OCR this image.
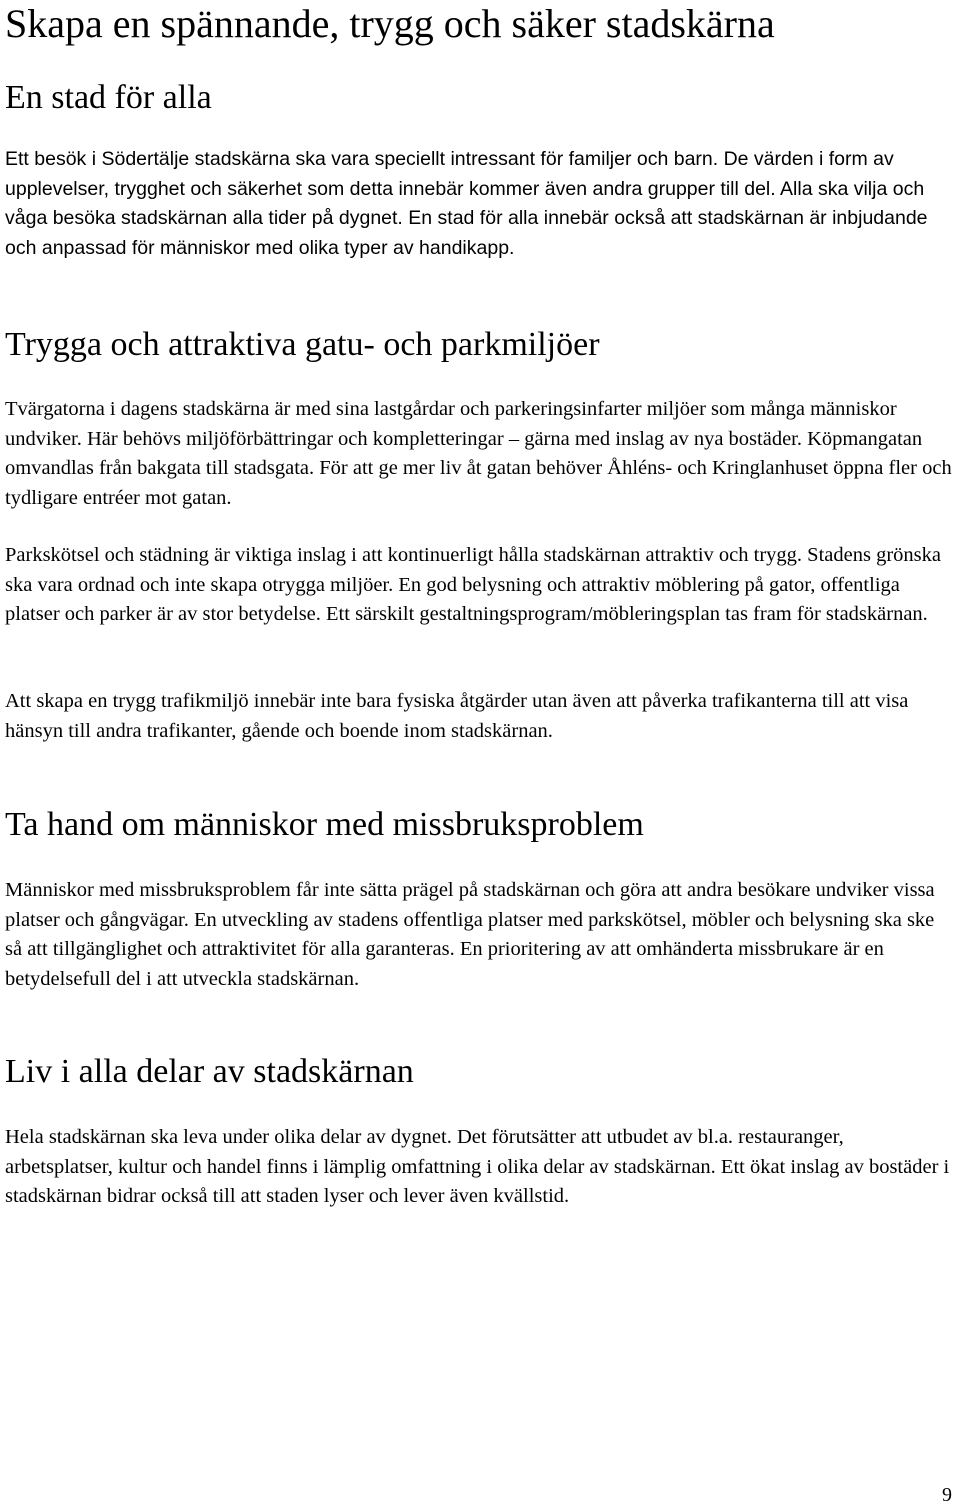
Skapa en spännande, trygg och säker stadskärna
En stad för alla

Ett besök i Södertälje stadskärna ska vara speciellt intressant för familjer och barn. De värden i form av upplevelser, trygghet och säkerhet som detta innebär kommer även andra grupper till del. Alla ska vilja och våga besöka stadskärnan alla tider på dygnet. En stad för alla innebär också att stadskärnan är inbjudande och anpassad för människor med olika typer av handikapp.

Trygga och attraktiva gatu- och parkmiljöer

Tvärgatorna i dagens stadskärna är med sina lastgårdar och parkeringsinfarter miljöer som många människor undviker. Här behövs miljöförbättringar och kompletteringar – gärna med inslag av nya bostäder. Köpmangatan omvandlas från bakgata till stadsgata. För att ge mer liv åt gatan behöver Åhléns- och Kringlanhuset öppna fler och tydligare entréer mot gatan.

Parkskötsel och städning är viktiga inslag i att kontinuerligt hålla stadskärnan attraktiv och trygg. Stadens grönska ska vara ordnad och inte skapa otrygga miljöer. En god belysning och attraktiv möblering på gator, offentliga platser och parker är av stor betydelse. Ett särskilt gestaltningsprogram/möbleringsplan tas fram för stadskärnan.

Att skapa en trygg trafikmiljö innebär inte bara fysiska åtgärder utan även att påverka trafikanterna till att visa hänsyn till andra trafikanter, gående och boende inom stadskärnan.

Ta hand om människor med missbruksproblem

Människor med missbruksproblem får inte sätta prägel på stadskärnan och göra att andra besökare undviker vissa platser och gångvägar. En utveckling av stadens offentliga platser med parkskötsel, möbler och belysning ska ske så att tillgänglighet och attraktivitet för alla garanteras. En prioritering av att omhänderta missbrukare är en betydelsefull del i att utveckla stadskärnan.

Liv i alla delar av stadskärnan

Hela stadskärnan ska leva under olika delar av dygnet. Det förutsätter att utbudet av bl.a. restauranger, arbetsplatser, kultur och handel finns i lämplig omfattning i olika delar av stadskärnan. Ett ökat inslag av bostäder i stadskärnan bidrar också till att staden lyser och lever även kvällstid.

9
